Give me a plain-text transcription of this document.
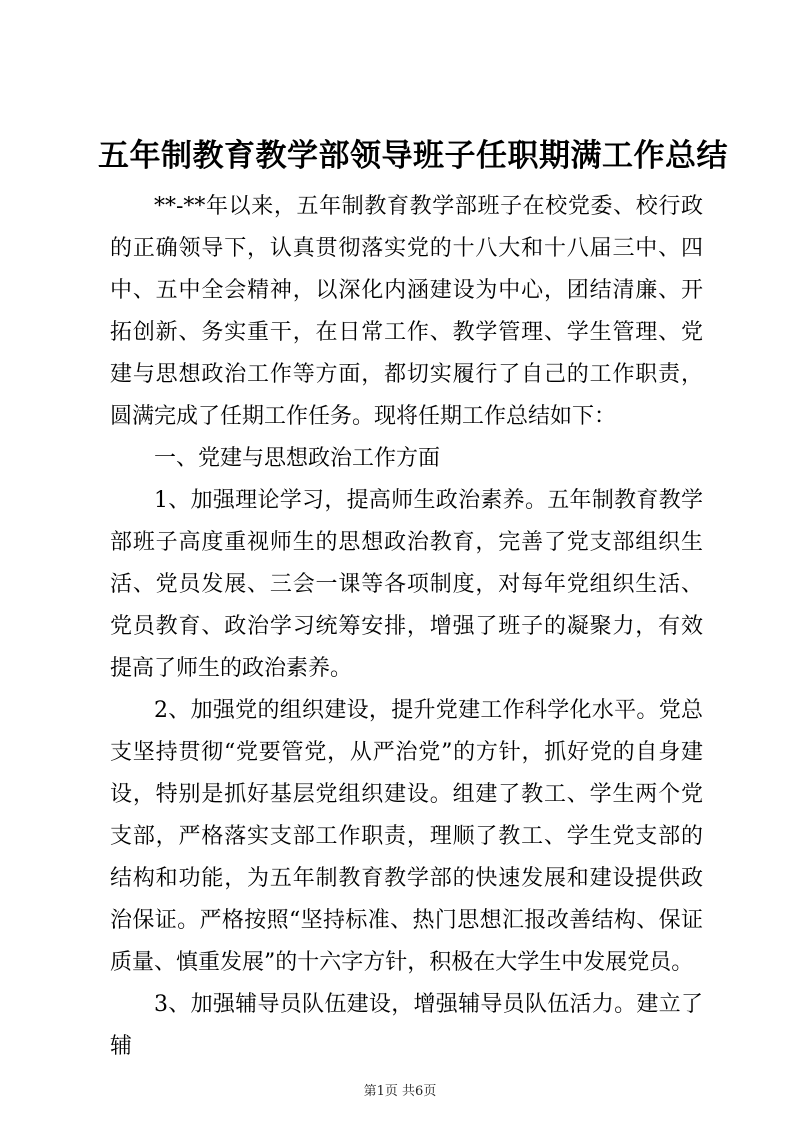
五年制教育教学部领导班子任职期满工作总结

**-**年以来，五年制教育教学部班子在校党委、校行政的正确领导下，认真贯彻落实党的十八大和十八届三中、四中、五中全会精神，以深化内涵建设为中心，团结清廉、开拓创新、务实重干，在日常工作、教学管理、学生管理、党建与思想政治工作等方面，都切实履行了自己的工作职责，圆满完成了任期工作任务。现将任期工作总结如下：

一、党建与思想政治工作方面

1、加强理论学习，提高师生政治素养。五年制教育教学部班子高度重视师生的思想政治教育，完善了党支部组织生活、党员发展、三会一课等各项制度，对每年党组织生活、党员教育、政治学习统筹安排，增强了班子的凝聚力，有效提高了师生的政治素养。

2、加强党的组织建设，提升党建工作科学化水平。党总支坚持贯彻“党要管党，从严治党”的方针，抓好党的自身建设，特别是抓好基层党组织建设。组建了教工、学生两个党支部，严格落实支部工作职责，理顺了教工、学生党支部的结构和功能，为五年制教育教学部的快速发展和建设提供政治保证。严格按照“坚持标准、热门思想汇报改善结构、保证质量、慎重发展”的十六字方针，积极在大学生中发展党员。

3、加强辅导员队伍建设，增强辅导员队伍活力。建立了辅

第1页 共6页
